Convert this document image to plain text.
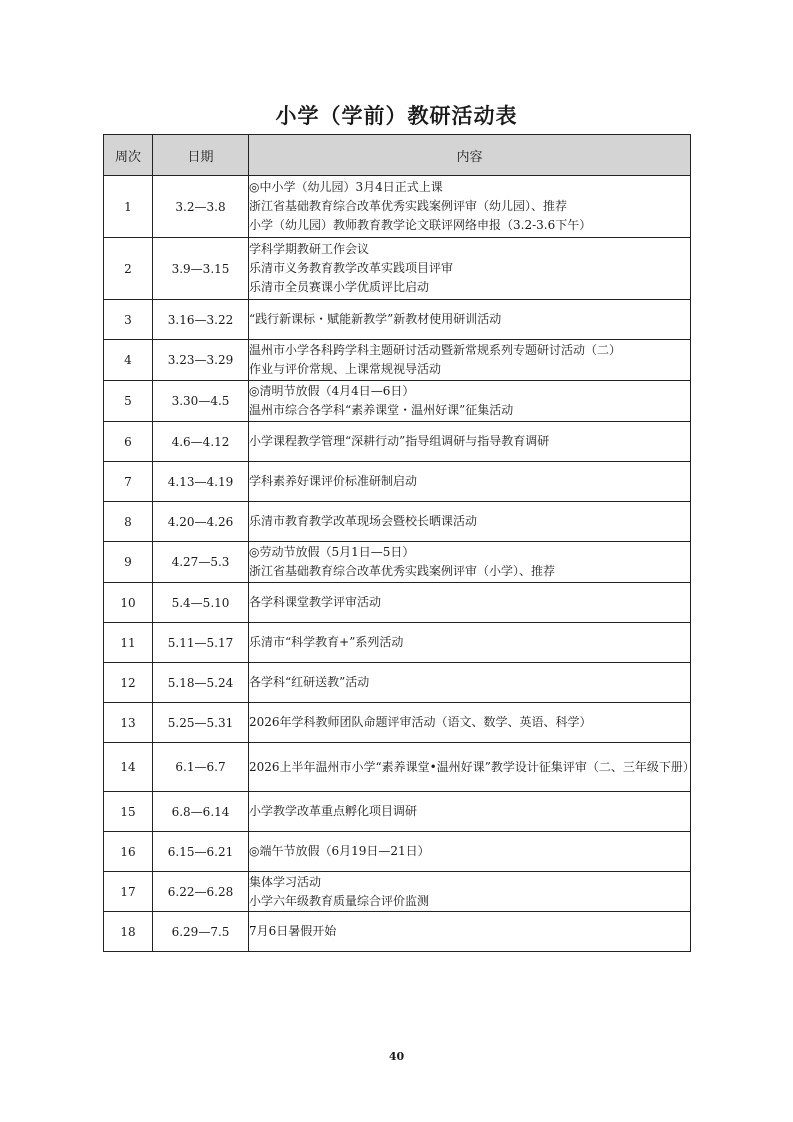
小学（学前）教研活动表
周次	日期	内容
1	3.2—3.8	◎中小学（幼儿园）3月4日正式上课
浙江省基础教育综合改革优秀实践案例评审（幼儿园）、推荐
小学（幼儿园）教师教育教学论文联评网络申报（3.2-3.6下午）

2	3.9—3.15	学科学期教研工作会议
乐清市义务教育教学改革实践项目评审
乐清市全员赛课小学优质评比启动

3	3.16—3.22	“践行新课标・赋能新教学”新教材使用研训活动

4	3.23—3.29	温州市小学各科跨学科主题研讨活动暨新常规系列专题研讨活动（二）
作业与评价常规、上课常规视导活动

5	3.30—4.5	◎清明节放假（4月4日—6日）
温州市综合各学科“素养课堂・温州好课”征集活动

6	4.6—4.12	小学课程教学管理“深耕行动”指导组调研与指导教育调研

7	4.13—4.19	学科素养好课评价标准研制启动

8	4.20—4.26	乐清市教育教学改革现场会暨校长晒课活动

9	4.27—5.3	◎劳动节放假（5月1日—5日）
浙江省基础教育综合改革优秀实践案例评审（小学）、推荐

10	5.4—5.10	各学科课堂教学评审活动

11	5.11—5.17	乐清市“科学教育+”系列活动

12	5.18—5.24	各学科“红研送教”活动

13	5.25—5.31	2026年学科教师团队命题评审活动（语文、数学、英语、科学）

14	6.1—6.7	2026上半年温州市小学“素养课堂•温州好课”教学设计征集评审（二、三年级下册）

15	6.8—6.14	小学教学改革重点孵化项目调研

16	6.15—6.21	◎端午节放假（6月19日—21日）

17	6.22—6.28	集体学习活动
小学六年级教育质量综合评价监测

18	6.29—7.5	7月6日暑假开始
40
